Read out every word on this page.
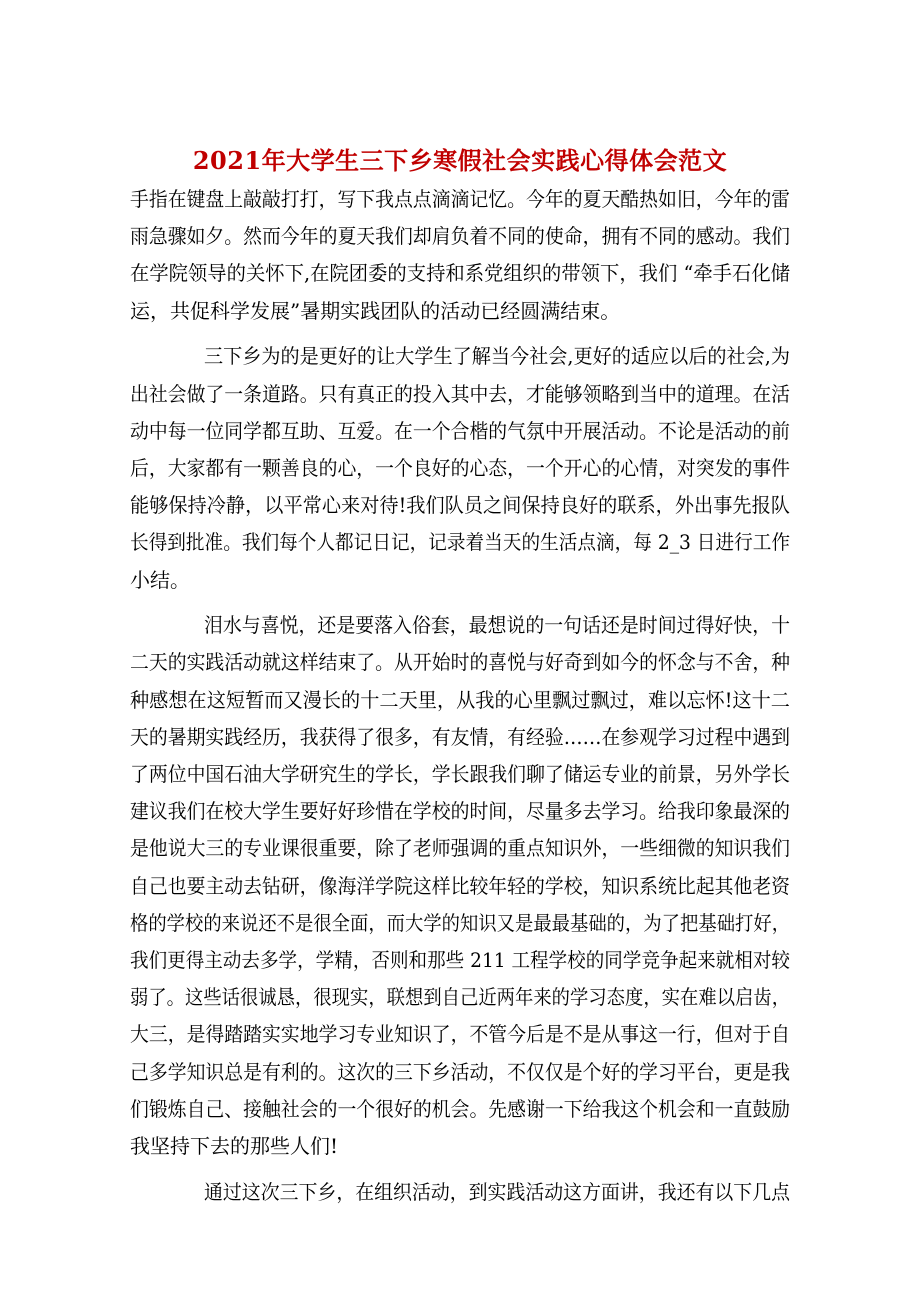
2021年大学生三下乡寒假社会实践心得体会范文
手指在键盘上敲敲打打，写下我点点滴滴记忆。今年的夏天酷热如旧，今年的雷
雨急骤如夕。然而今年的夏天我们却肩负着不同的使命，拥有不同的感动。我们
在学院领导的关怀下,在院团委的支持和系党组织的带领下，我们 “牵手石化储
运，共促科学发展”暑期实践团队的活动已经圆满结束。
三下乡为的是更好的让大学生了解当今社会,更好的适应以后的社会,为
出社会做了一条道路。只有真正的投入其中去，才能够领略到当中的道理。在活
动中每一位同学都互助、互爱。在一个合楷的气氛中开展活动。不论是活动的前
后，大家都有一颗善良的心，一个良好的心态，一个开心的心情，对突发的事件
能够保持冷静，以平常心来对待!我们队员之间保持良好的联系，外出事先报队
长得到批准。我们每个人都记日记，记录着当天的生活点滴，每 2_3 日进行工作
小结。
泪水与喜悦，还是要落入俗套，最想说的一句话还是时间过得好快，十
二天的实践活动就这样结束了。从开始时的喜悦与好奇到如今的怀念与不舍，种
种感想在这短暂而又漫长的十二天里，从我的心里飘过飘过，难以忘怀!这十二
天的暑期实践经历，我获得了很多，有友情，有经验……在参观学习过程中遇到
了两位中国石油大学研究生的学长，学长跟我们聊了储运专业的前景，另外学长
建议我们在校大学生要好好珍惜在学校的时间，尽量多去学习。给我印象最深的
是他说大三的专业课很重要，除了老师强调的重点知识外，一些细微的知识我们
自己也要主动去钻研，像海洋学院这样比较年轻的学校，知识系统比起其他老资
格的学校的来说还不是很全面，而大学的知识又是最最基础的，为了把基础打好，
我们更得主动去多学，学精，否则和那些 211 工程学校的同学竞争起来就相对较
弱了。这些话很诚恳，很现实，联想到自己近两年来的学习态度，实在难以启齿，
大三，是得踏踏实实地学习专业知识了，不管今后是不是从事这一行，但对于自
己多学知识总是有利的。这次的三下乡活动，不仅仅是个好的学习平台，更是我
们锻炼自己、接触社会的一个很好的机会。先感谢一下给我这个机会和一直鼓励
我坚持下去的那些人们!
通过这次三下乡，在组织活动，到实践活动这方面讲，我还有以下几点
